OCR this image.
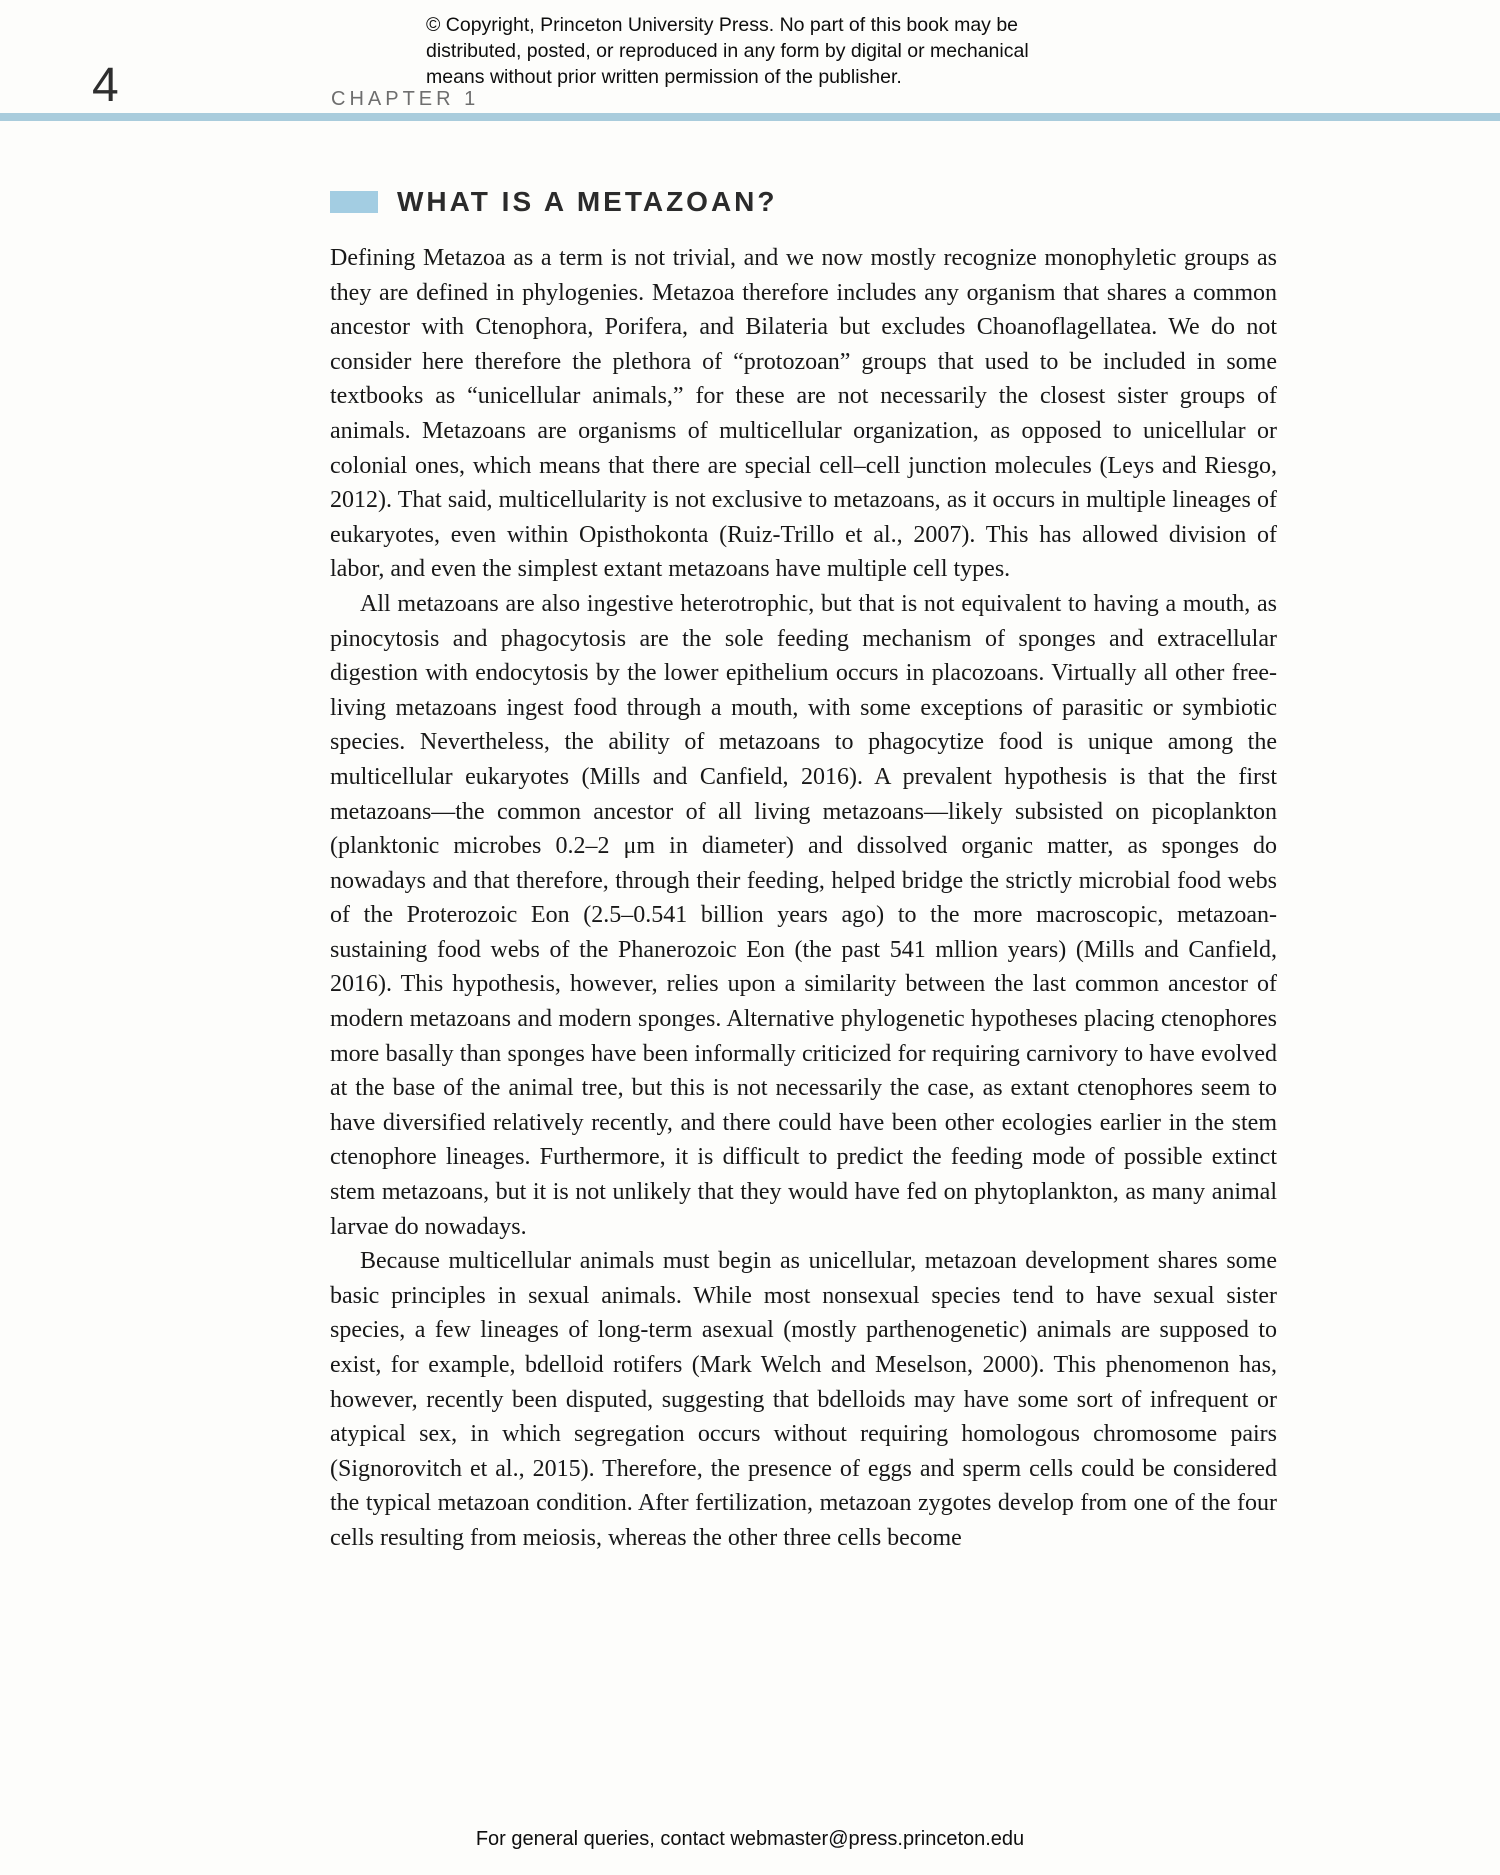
© Copyright, Princeton University Press. No part of this book may be
distributed, posted, or reproduced in any form by digital or mechanical
means without prior written permission of the publisher.
4	CHAPTER 1
WHAT IS A METAZOAN?

Defining Metazoa as a term is not trivial, and we now mostly recognize monophyletic groups as they are defined in phylogenies. Metazoa therefore includes any organism that shares a common ancestor with Ctenophora, Porifera, and Bilateria but excludes Choanoflagellatea. We do not consider here therefore the plethora of “protozoan” groups that used to be included in some textbooks as “unicellular animals,” for these are not necessarily the closest sister groups of animals. Metazoans are organisms of multicellular organization, as opposed to unicellular or colonial ones, which means that there are special cell–cell junction molecules (Leys and Riesgo, 2012). That said, multicellularity is not exclusive to metazoans, as it occurs in multiple lineages of eukaryotes, even within Opisthokonta (Ruiz-Trillo et al., 2007). This has allowed division of labor, and even the simplest extant metazoans have multiple cell types.

All metazoans are also ingestive heterotrophic, but that is not equivalent to having a mouth, as pinocytosis and phagocytosis are the sole feeding mechanism of sponges and extracellular digestion with endocytosis by the lower epithelium occurs in placozoans. Virtually all other free-living metazoans ingest food through a mouth, with some exceptions of parasitic or symbiotic species. Nevertheless, the ability of metazoans to phagocytize food is unique among the multicellular eukaryotes (Mills and Canfield, 2016). A prevalent hypothesis is that the first metazoans—the common ancestor of all living metazoans—likely subsisted on picoplankton (planktonic microbes 0.2–2 μm in diameter) and dissolved organic matter, as sponges do nowadays and that therefore, through their feeding, helped bridge the strictly microbial food webs of the Proterozoic Eon (2.5–0.541 billion years ago) to the more macroscopic, metazoan-sustaining food webs of the Phanerozoic Eon (the past 541 mllion years) (Mills and Canfield, 2016). This hypothesis, however, relies upon a similarity between the last common ancestor of modern metazoans and modern sponges. Alternative phylogenetic hypotheses placing ctenophores more basally than sponges have been informally criticized for requiring carnivory to have evolved at the base of the animal tree, but this is not necessarily the case, as extant ctenophores seem to have diversified relatively recently, and there could have been other ecologies earlier in the stem ctenophore lineages. Furthermore, it is difficult to predict the feeding mode of possible extinct stem metazoans, but it is not unlikely that they would have fed on phytoplankton, as many animal larvae do nowadays.

Because multicellular animals must begin as unicellular, metazoan development shares some basic principles in sexual animals. While most nonsexual species tend to have sexual sister species, a few lineages of long-term asexual (mostly parthenogenetic) animals are supposed to exist, for example, bdelloid rotifers (Mark Welch and Meselson, 2000). This phenomenon has, however, recently been disputed, suggesting that bdelloids may have some sort of infrequent or atypical sex, in which segregation occurs without requiring homologous chromosome pairs (Signorovitch et al., 2015). Therefore, the presence of eggs and sperm cells could be considered the typical metazoan condition. After fertilization, metazoan zygotes develop from one of the four cells resulting from meiosis, whereas the other three cells become

For general queries, contact webmaster@press.princeton.edu
